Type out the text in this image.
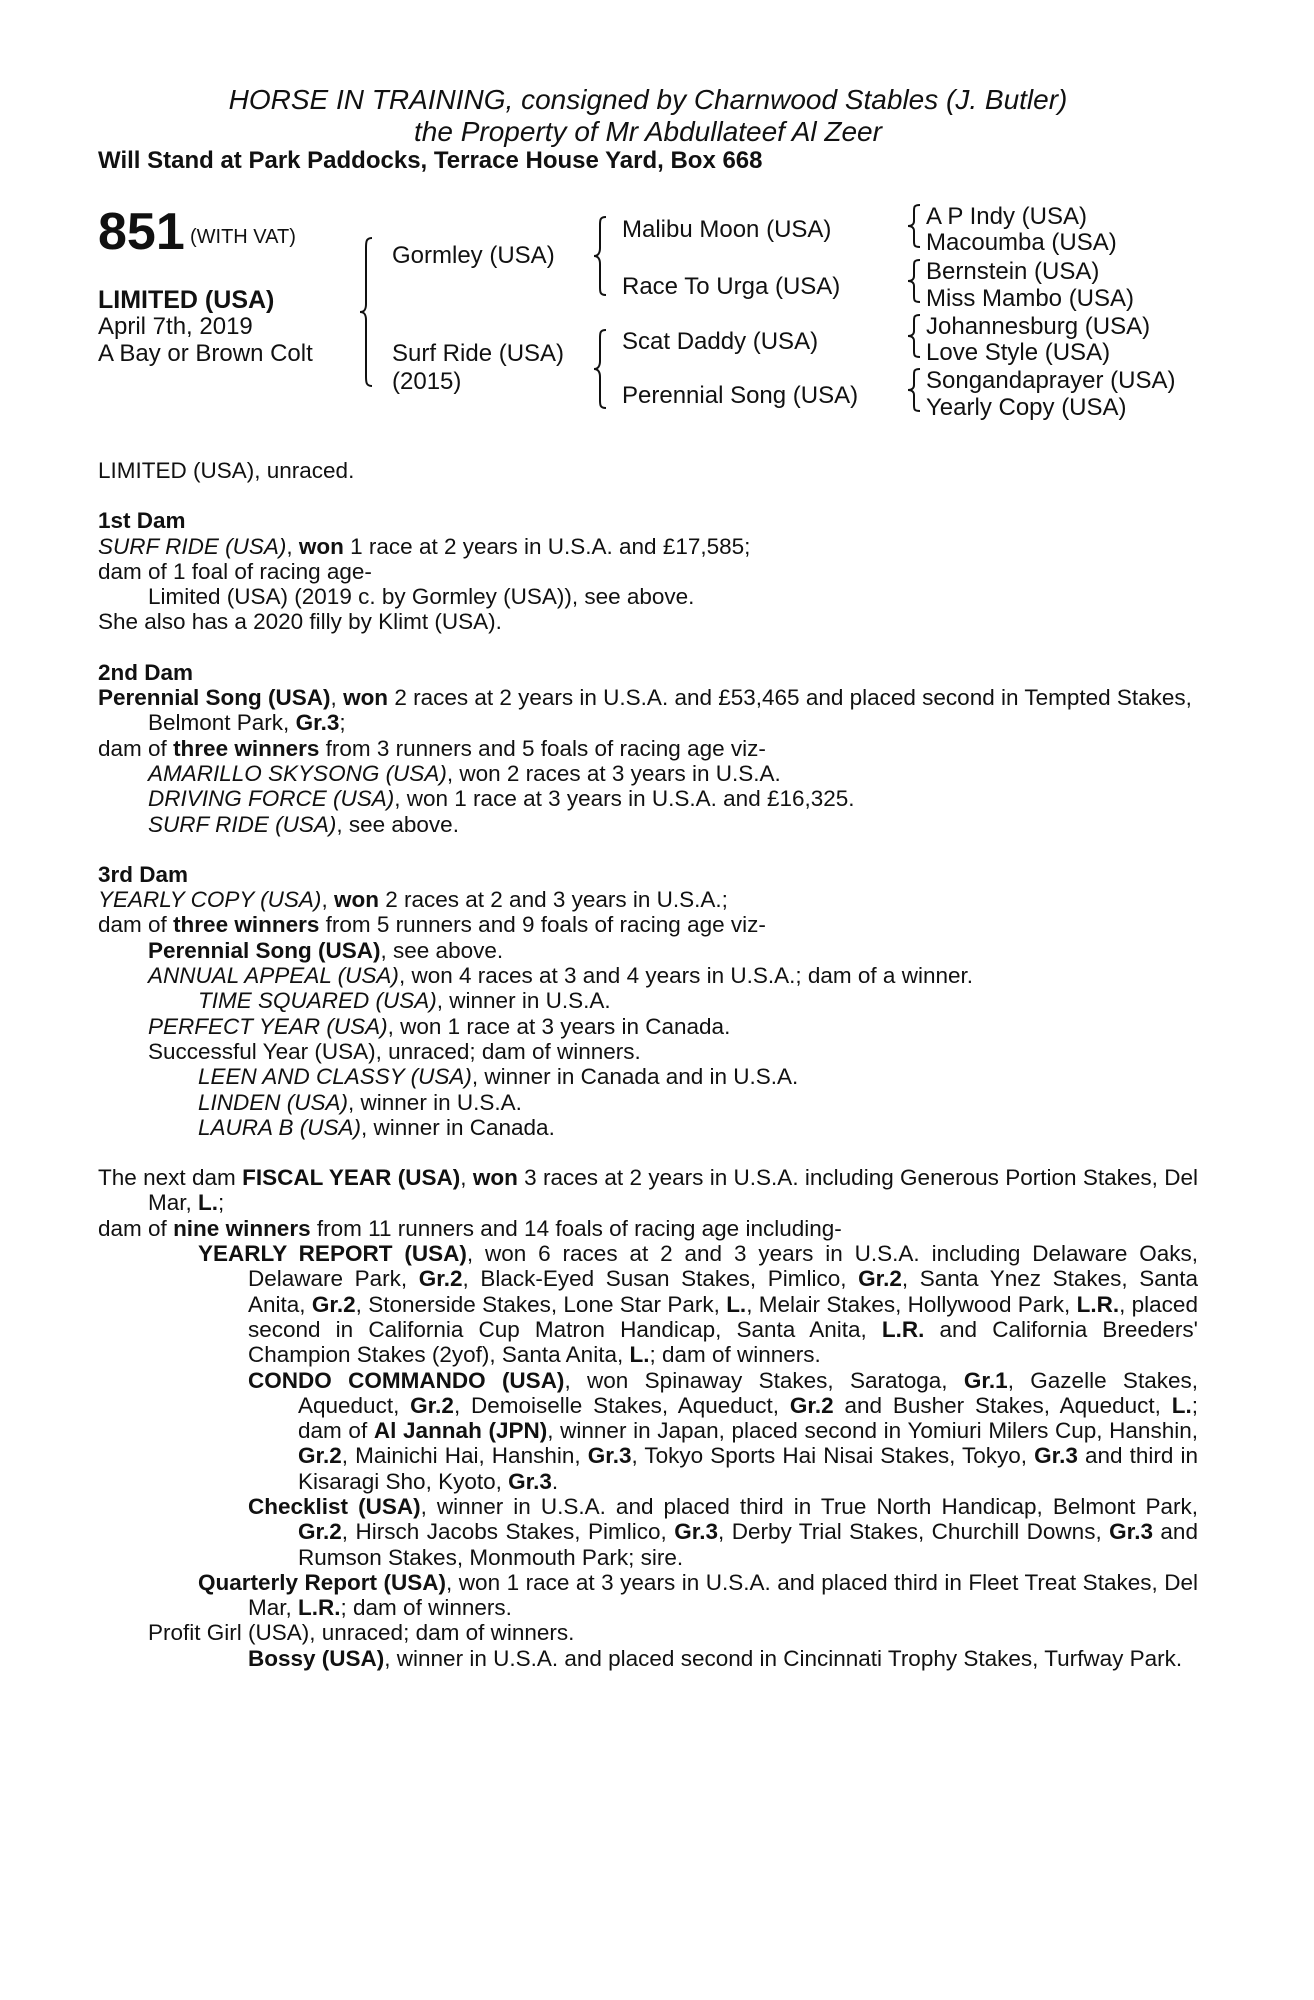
HORSE IN TRAINING, consigned by Charnwood Stables (J. Butler)
the Property of Mr Abdullateef Al Zeer
Will Stand at Park Paddocks, Terrace House Yard, Box 668
851 (WITH VAT)
LIMITED (USA)
April 7th, 2019
A Bay or Brown Colt
Gormley (USA)
Surf Ride (USA)
(2015)
Malibu Moon (USA)
Race To Urga (USA)
Scat Daddy (USA)
Perennial Song (USA)
A P Indy (USA)
Macoumba (USA)
Bernstein (USA)
Miss Mambo (USA)
Johannesburg (USA)
Love Style (USA)
Songandaprayer (USA)
Yearly Copy (USA)

LIMITED (USA), unraced.

1st Dam

SURF RIDE (USA), won 1 race at 2 years in U.S.A. and £17,585;

dam of 1 foal of racing age-

Limited (USA) (2019 c. by Gormley (USA)), see above.

She also has a 2020 filly by Klimt (USA).

2nd Dam

Perennial Song (USA), won 2 races at 2 years in U.S.A. and £53,465 and placed second in Tempted Stakes, Belmont Park, Gr.3;

dam of three winners from 3 runners and 5 foals of racing age viz-

AMARILLO SKYSONG (USA), won 2 races at 3 years in U.S.A.

DRIVING FORCE (USA), won 1 race at 3 years in U.S.A. and £16,325.

SURF RIDE (USA), see above.

3rd Dam

YEARLY COPY (USA), won 2 races at 2 and 3 years in U.S.A.;

dam of three winners from 5 runners and 9 foals of racing age viz-

Perennial Song (USA), see above.

ANNUAL APPEAL (USA), won 4 races at 3 and 4 years in U.S.A.; dam of a winner.

TIME SQUARED (USA), winner in U.S.A.

PERFECT YEAR (USA), won 1 race at 3 years in Canada.

Successful Year (USA), unraced; dam of winners.

LEEN AND CLASSY (USA), winner in Canada and in U.S.A.

LINDEN (USA), winner in U.S.A.

LAURA B (USA), winner in Canada.

The next dam FISCAL YEAR (USA), won 3 races at 2 years in U.S.A. including Generous Portion Stakes, Del Mar, L.;

dam of nine winners from 11 runners and 14 foals of racing age including-

YEARLY REPORT (USA), won 6 races at 2 and 3 years in U.S.A. including Delaware Oaks, Delaware Park, Gr.2, Black-Eyed Susan Stakes, Pimlico, Gr.2, Santa Ynez Stakes, Santa Anita, Gr.2, Stonerside Stakes, Lone Star Park, L., Melair Stakes, Hollywood Park, L.R., placed second in California Cup Matron Handicap, Santa Anita, L.R. and California Breeders' Champion Stakes (2yof), Santa Anita, L.; dam of winners.

CONDO COMMANDO (USA), won Spinaway Stakes, Saratoga, Gr.1, Gazelle Stakes, Aqueduct, Gr.2, Demoiselle Stakes, Aqueduct, Gr.2 and Busher Stakes, Aqueduct, L.; dam of Al Jannah (JPN), winner in Japan, placed second in Yomiuri Milers Cup, Hanshin, Gr.2, Mainichi Hai, Hanshin, Gr.3, Tokyo Sports Hai Nisai Stakes, Tokyo, Gr.3 and third in Kisaragi Sho, Kyoto, Gr.3.

Checklist (USA), winner in U.S.A. and placed third in True North Handicap, Belmont Park, Gr.2, Hirsch Jacobs Stakes, Pimlico, Gr.3, Derby Trial Stakes, Churchill Downs, Gr.3 and Rumson Stakes, Monmouth Park; sire.

Quarterly Report (USA), won 1 race at 3 years in U.S.A. and placed third in Fleet Treat Stakes, Del Mar, L.R.; dam of winners.

Profit Girl (USA), unraced; dam of winners.

Bossy (USA), winner in U.S.A. and placed second in Cincinnati Trophy Stakes, Turfway Park.
